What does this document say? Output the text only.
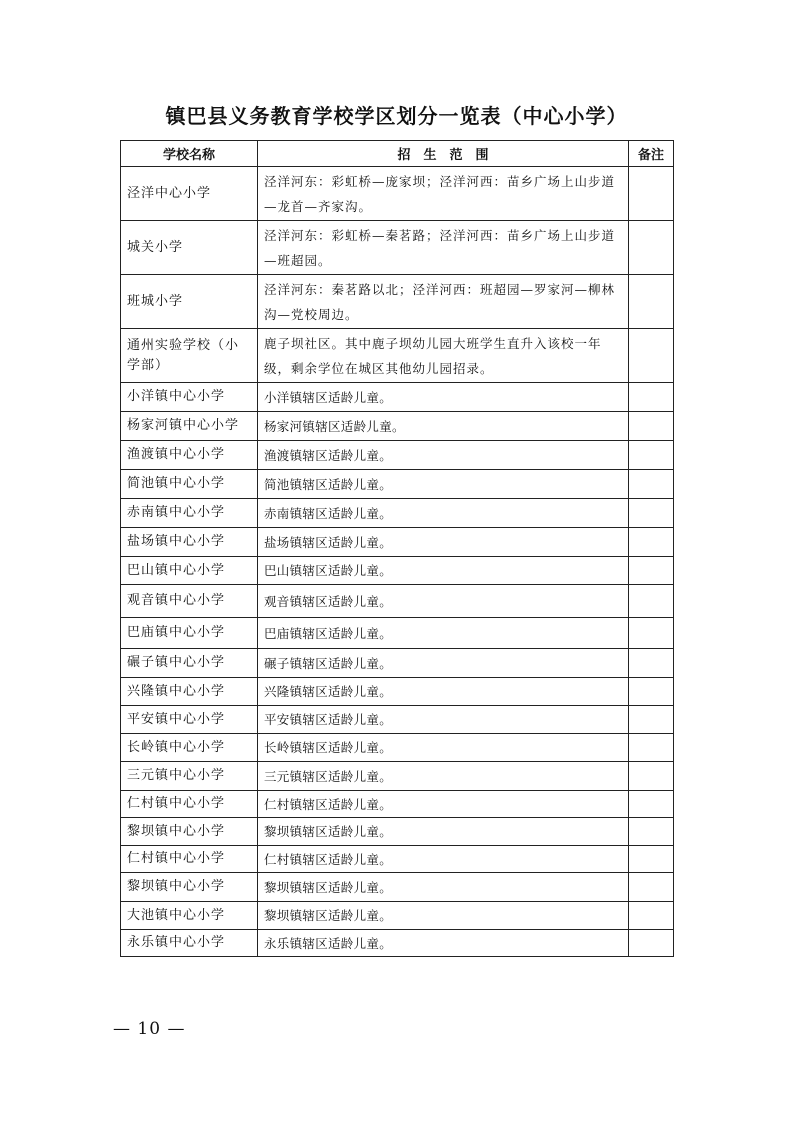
镇巴县义务教育学校学区划分一览表（中心小学）
学校名称	招　生　范　围	备注
泾洋中心小学	泾洋河东：彩虹桥—庞家坝；泾洋河西：苗乡广场上山步道—龙首—齐家沟。	
城关小学	泾洋河东：彩虹桥—秦茗路；泾洋河西：苗乡广场上山步道—班超园。	
班城小学	泾洋河东：秦茗路以北；泾洋河西：班超园—罗家河—柳林沟—党校周边。	
通州实验学校（小学部）	鹿子坝社区。其中鹿子坝幼儿园大班学生直升入该校一年级，剩余学位在城区其他幼儿园招录。	
小洋镇中心小学	小洋镇辖区适龄儿童。	
杨家河镇中心小学	杨家河镇辖区适龄儿童。	
渔渡镇中心小学	渔渡镇辖区适龄儿童。	
简池镇中心小学	简池镇辖区适龄儿童。	
赤南镇中心小学	赤南镇辖区适龄儿童。	
盐场镇中心小学	盐场镇辖区适龄儿童。	
巴山镇中心小学	巴山镇辖区适龄儿童。	
观音镇中心小学	观音镇辖区适龄儿童。	
巴庙镇中心小学	巴庙镇辖区适龄儿童。	
碾子镇中心小学	碾子镇辖区适龄儿童。	
兴隆镇中心小学	兴隆镇辖区适龄儿童。	
平安镇中心小学	平安镇辖区适龄儿童。	
长岭镇中心小学	长岭镇辖区适龄儿童。	
三元镇中心小学	三元镇辖区适龄儿童。	
仁村镇中心小学	仁村镇辖区适龄儿童。	
黎坝镇中心小学	黎坝镇辖区适龄儿童。	
仁村镇中心小学	仁村镇辖区适龄儿童。	
黎坝镇中心小学	黎坝镇辖区适龄儿童。	
大池镇中心小学	黎坝镇辖区适龄儿童。	
永乐镇中心小学	永乐镇辖区适龄儿童。	
— 10 —
